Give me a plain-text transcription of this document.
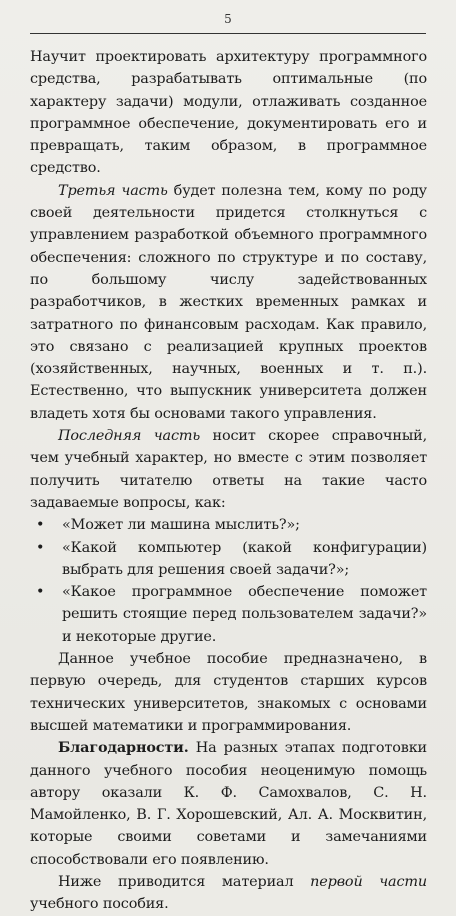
5

Научит проектировать архитектуру программного средства, разрабатывать оптимальные (по характеру задачи) модули, отлаживать созданное программное обеспечение, документировать его и превращать, таким образом, в программное средство.

Третья часть будет полезна тем, кому по роду своей деятельности придется столкнуться с управлением разработкой объемного программного обеспечения: сложного по структуре и по составу, по большому числу задействованных разработчиков, в жестких временных рамках и затратного по финансовым расходам. Как правило, это связано с реализацией крупных проектов (хозяйственных, научных, военных и т. п.). Естественно, что выпускник университета должен владеть хотя бы основами такого управления.

Последняя часть носит скорее справочный, чем учебный характер, но вместе с этим позволяет получить читателю ответы на такие часто задаваемые вопросы, как:

• «Может ли машина мыслить?»;
• «Какой компьютер (какой конфигурации) выбрать для решения своей задачи?»;
• «Какое программное обеспечение поможет решить стоящие перед пользователем задачи?» и некоторые другие.

Данное учебное пособие предназначено, в первую очередь, для студентов старших курсов технических университетов, знакомых с основами высшей математики и программирования.

Благодарности. На разных этапах подготовки данного учебного пособия неоценимую помощь автору оказали К. Ф. Самохвалов, С. Н. Мамойленко, В. Г. Хорошевский, Ал. А. Москвитин, которые своими советами и замечаниями способствовали его появлению.

Ниже приводится материал первой части учебного пособия.
